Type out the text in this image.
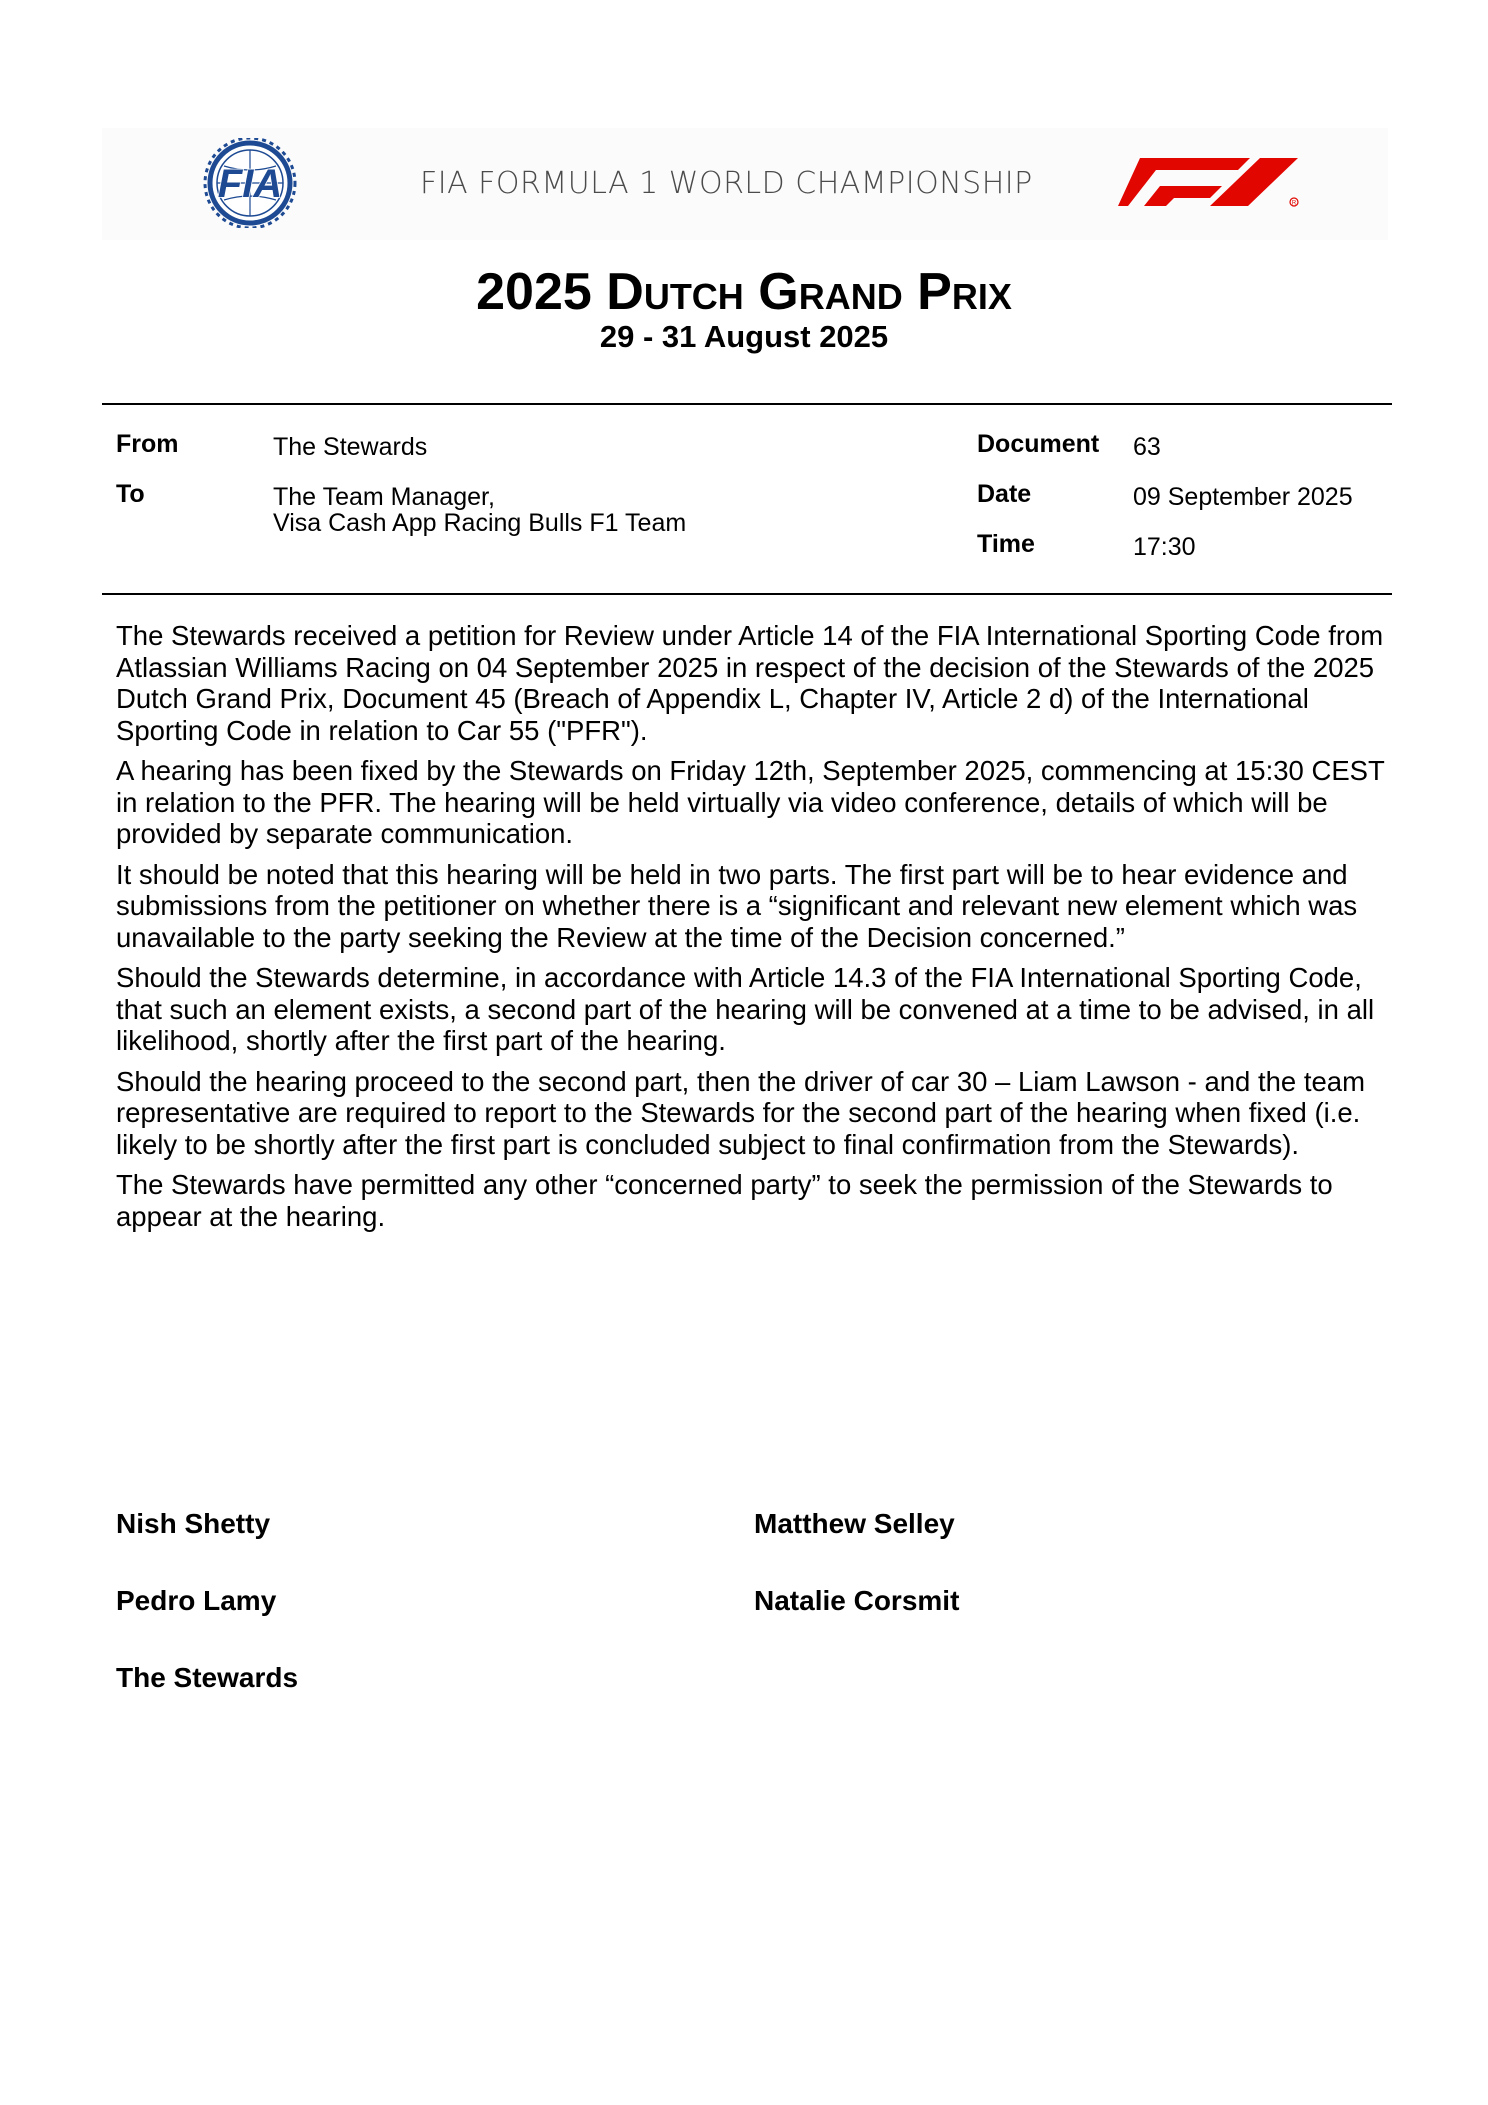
FIA	FIA FORMULA 1 WORLD CHAMPIONSHIP
R
2025 Dutch Grand Prix
29 - 31 August 2025
From	The Stewards
To	The Team Manager,
Visa Cash App Racing Bulls F1 Team
Document 63
Date	09 September 2025
Time	17:30

The Stewards received a petition for Review under Article 14 of the FIA International Sporting Code from Atlassian Williams Racing on 04 September 2025 in respect of the decision of the Stewards of the 2025 Dutch Grand Prix, Document 45 (Breach of Appendix L, Chapter IV, Article 2 d) of the International Sporting Code in relation to Car 55 ("PFR").

A hearing has been fixed by the Stewards on Friday 12th, September 2025, commencing at 15:30 CEST in relation to the PFR. The hearing will be held virtually via video conference, details of which will be provided by separate communication.

It should be noted that this hearing will be held in two parts. The first part will be to hear evidence and submissions from the petitioner on whether there is a “significant and relevant new element which was unavailable to the party seeking the Review at the time of the Decision concerned.”

Should the Stewards determine, in accordance with Article 14.3 of the FIA International Sporting Code, that such an element exists, a second part of the hearing will be convened at a time to be advised, in all likelihood, shortly after the first part of the hearing.

Should the hearing proceed to the second part, then the driver of car 30 – Liam Lawson - and the team representative are required to report to the Stewards for the second part of the hearing when fixed (i.e. likely to be shortly after the first part is concluded subject to final confirmation from the Stewards).

The Stewards have permitted any other “concerned party” to seek the permission of the Stewards to appear at the hearing.

Nish Shetty	Matthew Selley
Pedro Lamy	Natalie Corsmit
The Stewards
